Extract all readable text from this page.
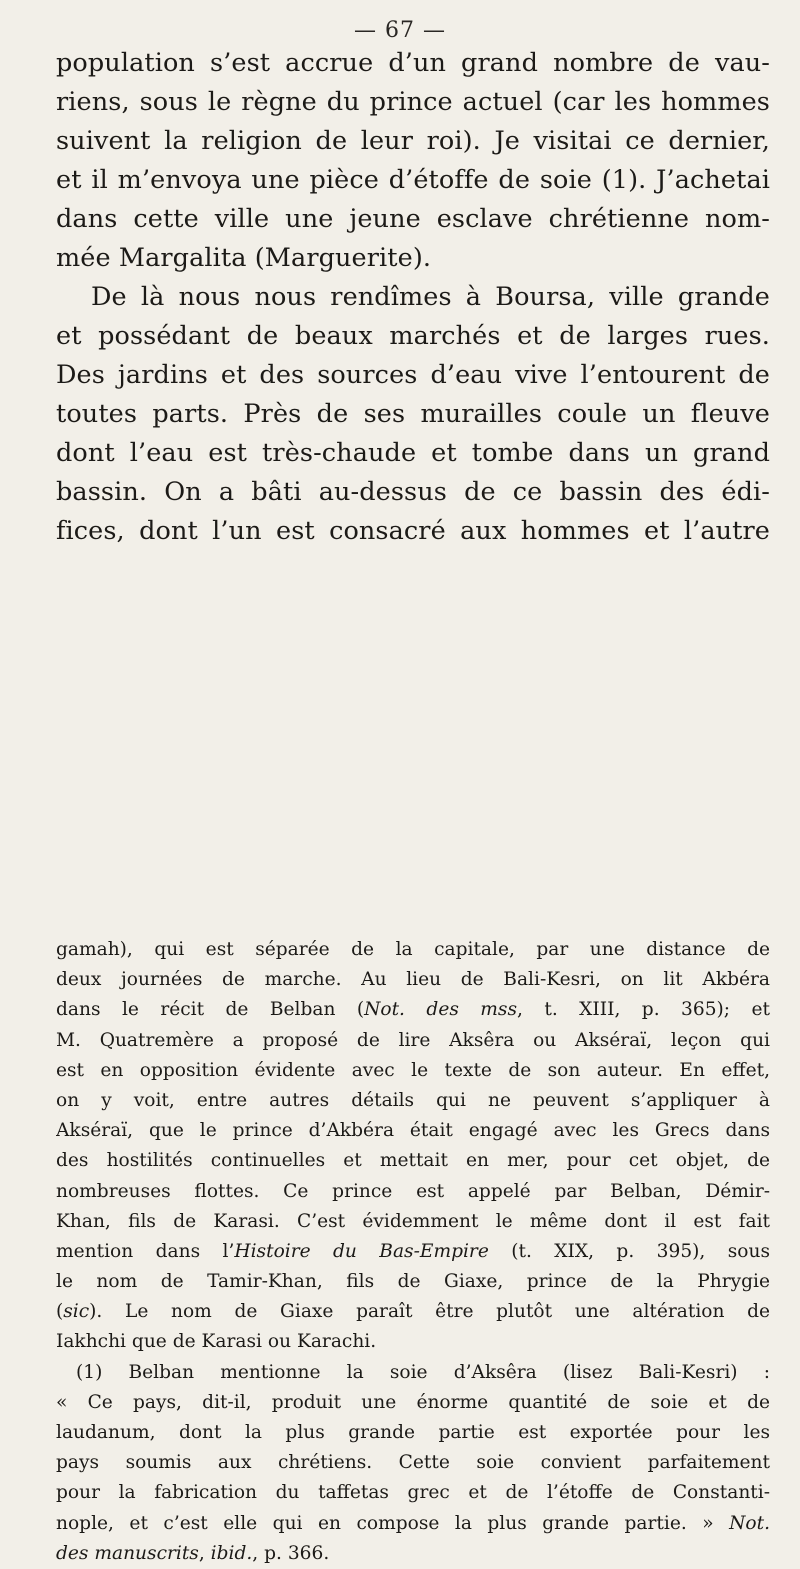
— 67 —
population s’est accrue d’un grand nombre de vau-
riens, sous le règne du prince actuel (car les hommes
suivent la religion de leur roi). Je visitai ce dernier,
et il m’envoya une pièce d’étoffe de soie (1). J’achetai
dans cette ville une jeune esclave chrétienne nom-
mée Margalita (Marguerite).
De là nous nous rendîmes à Boursa, ville grande
et possédant de beaux marchés et de larges rues.
Des jardins et des sources d’eau vive l’entourent de
toutes parts. Près de ses murailles coule un fleuve
dont l’eau est très-chaude et tombe dans un grand
bassin. On a bâti au-dessus de ce bassin des édi-
fices, dont l’un est consacré aux hommes et l’autre
gamah), qui est séparée de la capitale, par une distance de
deux journées de marche. Au lieu de Bali-Kesri, on lit Akbéra
dans le récit de Belban (Not. des mss, t. XIII, p. 365); et
M. Quatremère a proposé de lire Aksêra ou Akséraï, leçon qui
est en opposition évidente avec le texte de son auteur. En effet,
on y voit, entre autres détails qui ne peuvent s’appliquer à
Akséraï, que le prince d’Akbéra était engagé avec les Grecs dans
des hostilités continuelles et mettait en mer, pour cet objet, de
nombreuses flottes. Ce prince est appelé par Belban, Démir-
Khan, fils de Karasi. C’est évidemment le même dont il est fait
mention dans l’Histoire du Bas-Empire (t. XIX, p. 395), sous
le nom de Tamir-Khan, fils de Giaxe, prince de la Phrygie
(sic). Le nom de Giaxe paraît être plutôt une altération de
Iakhchi que de Karasi ou Karachi.
(1) Belban mentionne la soie d’Aksêra (lisez Bali-Kesri) :
« Ce pays, dit-il, produit une énorme quantité de soie et de
laudanum, dont la plus grande partie est exportée pour les
pays soumis aux chrétiens. Cette soie convient parfaitement
pour la fabrication du taffetas grec et de l’étoffe de Constanti-
nople, et c’est elle qui en compose la plus grande partie. » Not.
des manuscrits, ibid., p. 366.
